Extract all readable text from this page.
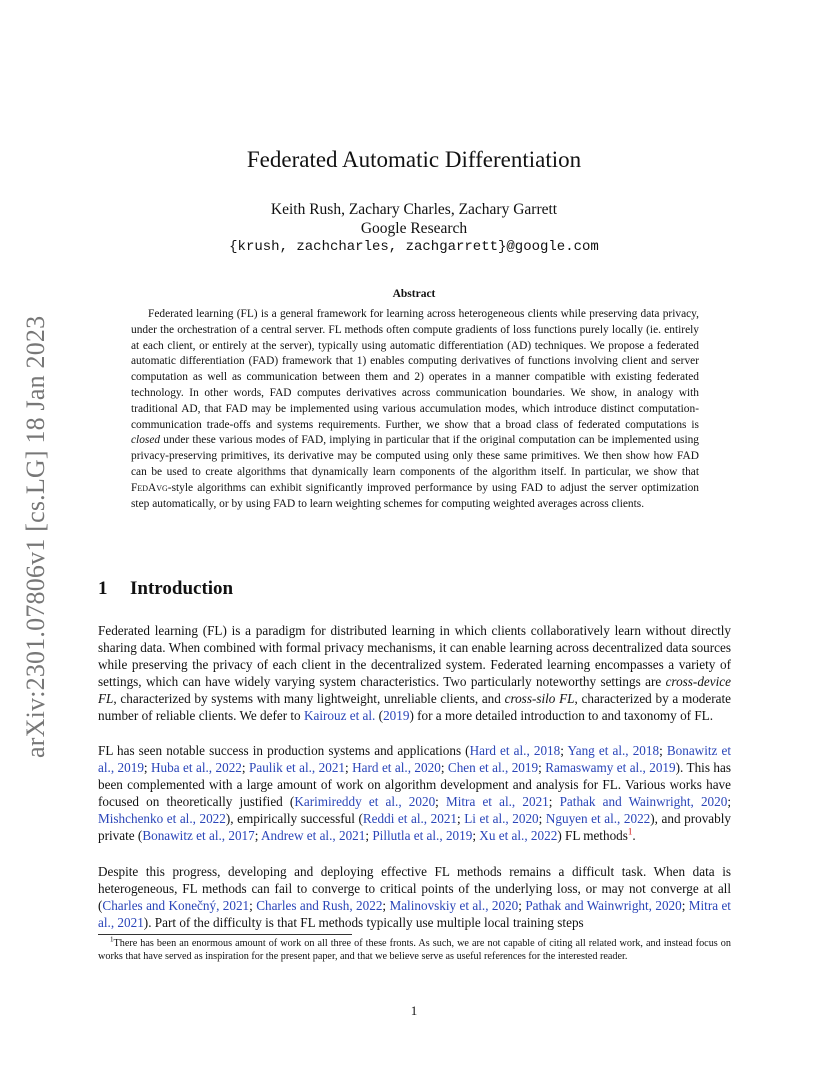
arXiv:2301.07806v1 [cs.LG] 18 Jan 2023
Federated Automatic Differentiation
Keith Rush, Zachary Charles, Zachary Garrett
Google Research
{krush, zachcharles, zachgarrett}@google.com
Abstract

Federated learning (FL) is a general framework for learning across heterogeneous clients while preserving data privacy, under the orchestration of a central server. FL methods often compute gradients of loss functions purely locally (ie. entirely at each client, or entirely at the server), typically using automatic differentiation (AD) techniques. We propose a federated automatic differentiation (FAD) framework that 1) enables computing derivatives of functions involving client and server computation as well as communication between them and 2) operates in a manner compatible with existing federated technology. In other words, FAD computes derivatives across communication boundaries. We show, in analogy with traditional AD, that FAD may be implemented using various accumulation modes, which introduce distinct computation-communication trade-offs and systems requirements. Further, we show that a broad class of federated computations is closed under these various modes of FAD, implying in particular that if the original computation can be implemented using privacy-preserving primitives, its derivative may be computed using only these same primitives. We then show how FAD can be used to create algorithms that dynamically learn components of the algorithm itself. In particular, we show that FedAvg-style algorithms can exhibit significantly improved performance by using FAD to adjust the server optimization step automatically, or by using FAD to learn weighting schemes for computing weighted averages across clients.

1 Introduction

Federated learning (FL) is a paradigm for distributed learning in which clients collaboratively learn without directly sharing data. When combined with formal privacy mechanisms, it can enable learning across decentralized data sources while preserving the privacy of each client in the decentralized system. Federated learning encompasses a variety of settings, which can have widely varying system characteristics. Two particularly noteworthy settings are cross-device FL, characterized by systems with many lightweight, unreliable clients, and cross-silo FL, characterized by a moderate number of reliable clients. We defer to Kairouz et al. (2019) for a more detailed introduction to and taxonomy of FL.

FL has seen notable success in production systems and applications (Hard et al., 2018; Yang et al., 2018; Bonawitz et al., 2019; Huba et al., 2022; Paulik et al., 2021; Hard et al., 2020; Chen et al., 2019; Ramaswamy et al., 2019). This has been complemented with a large amount of work on algorithm development and analysis for FL. Various works have focused on theoretically justified (Karimireddy et al., 2020; Mitra et al., 2021; Pathak and Wainwright, 2020; Mishchenko et al., 2022), empirically successful (Reddi et al., 2021; Li et al., 2020; Nguyen et al., 2022), and provably private (Bonawitz et al., 2017; Andrew et al., 2021; Pillutla et al., 2019; Xu et al., 2022) FL methods$^1$.

Despite this progress, developing and deploying effective FL methods remains a difficult task. When data is heterogeneous, FL methods can fail to converge to critical points of the underlying loss, or may not converge at all (Charles and Konečný, 2021; Charles and Rush, 2022; Malinovskiy et al., 2020; Pathak and Wainwright, 2020; Mitra et al., 2021). Part of the difficulty is that FL methods typically use multiple local training steps

$^1$There has been an enormous amount of work on all three of these fronts. As such, we are not capable of citing all related work, and instead focus on works that have served as inspiration for the present paper, and that we believe serve as useful references for the interested reader.

1
